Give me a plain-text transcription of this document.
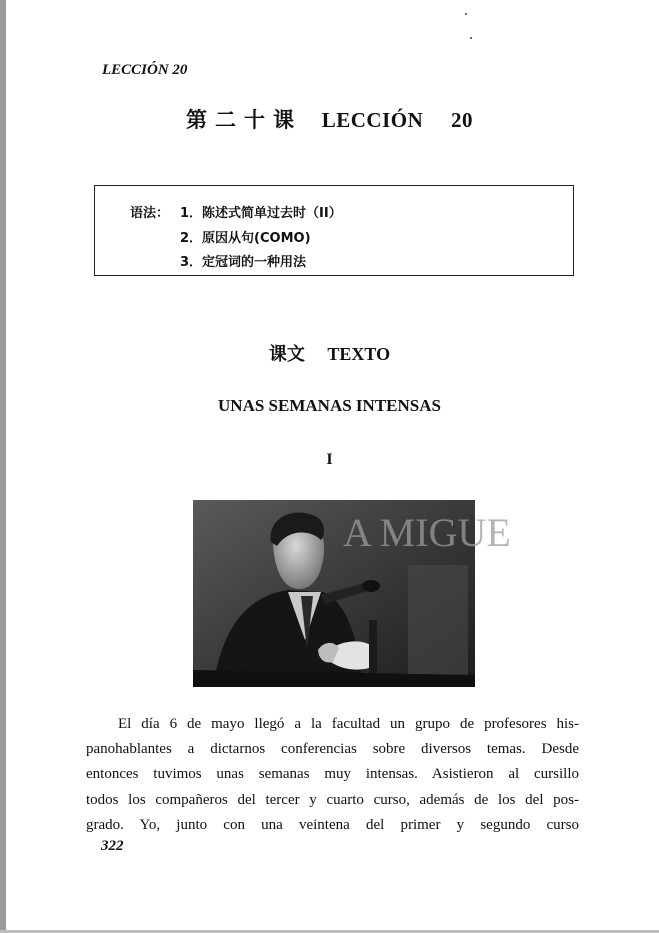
LECCIÓN 20
第二十课 LECCIÓN 20
语法： 1．陈述式简单过去时（II）
2．原因从句(COMO)
3．定冠词的一种用法
课文 TEXTO
UNAS SEMANAS INTENSAS
I
A MIGUE
El día 6 de mayo llegó a la facultad un grupo de profesores his-
panohablantes a dictarnos conferencias sobre diversos temas. Desde
entonces tuvimos unas semanas muy intensas. Asistieron al cursillo
todos los compañeros del tercer y cuarto curso, además de los del pos-
grado. Yo, junto con una veintena del primer y segundo curso
322
